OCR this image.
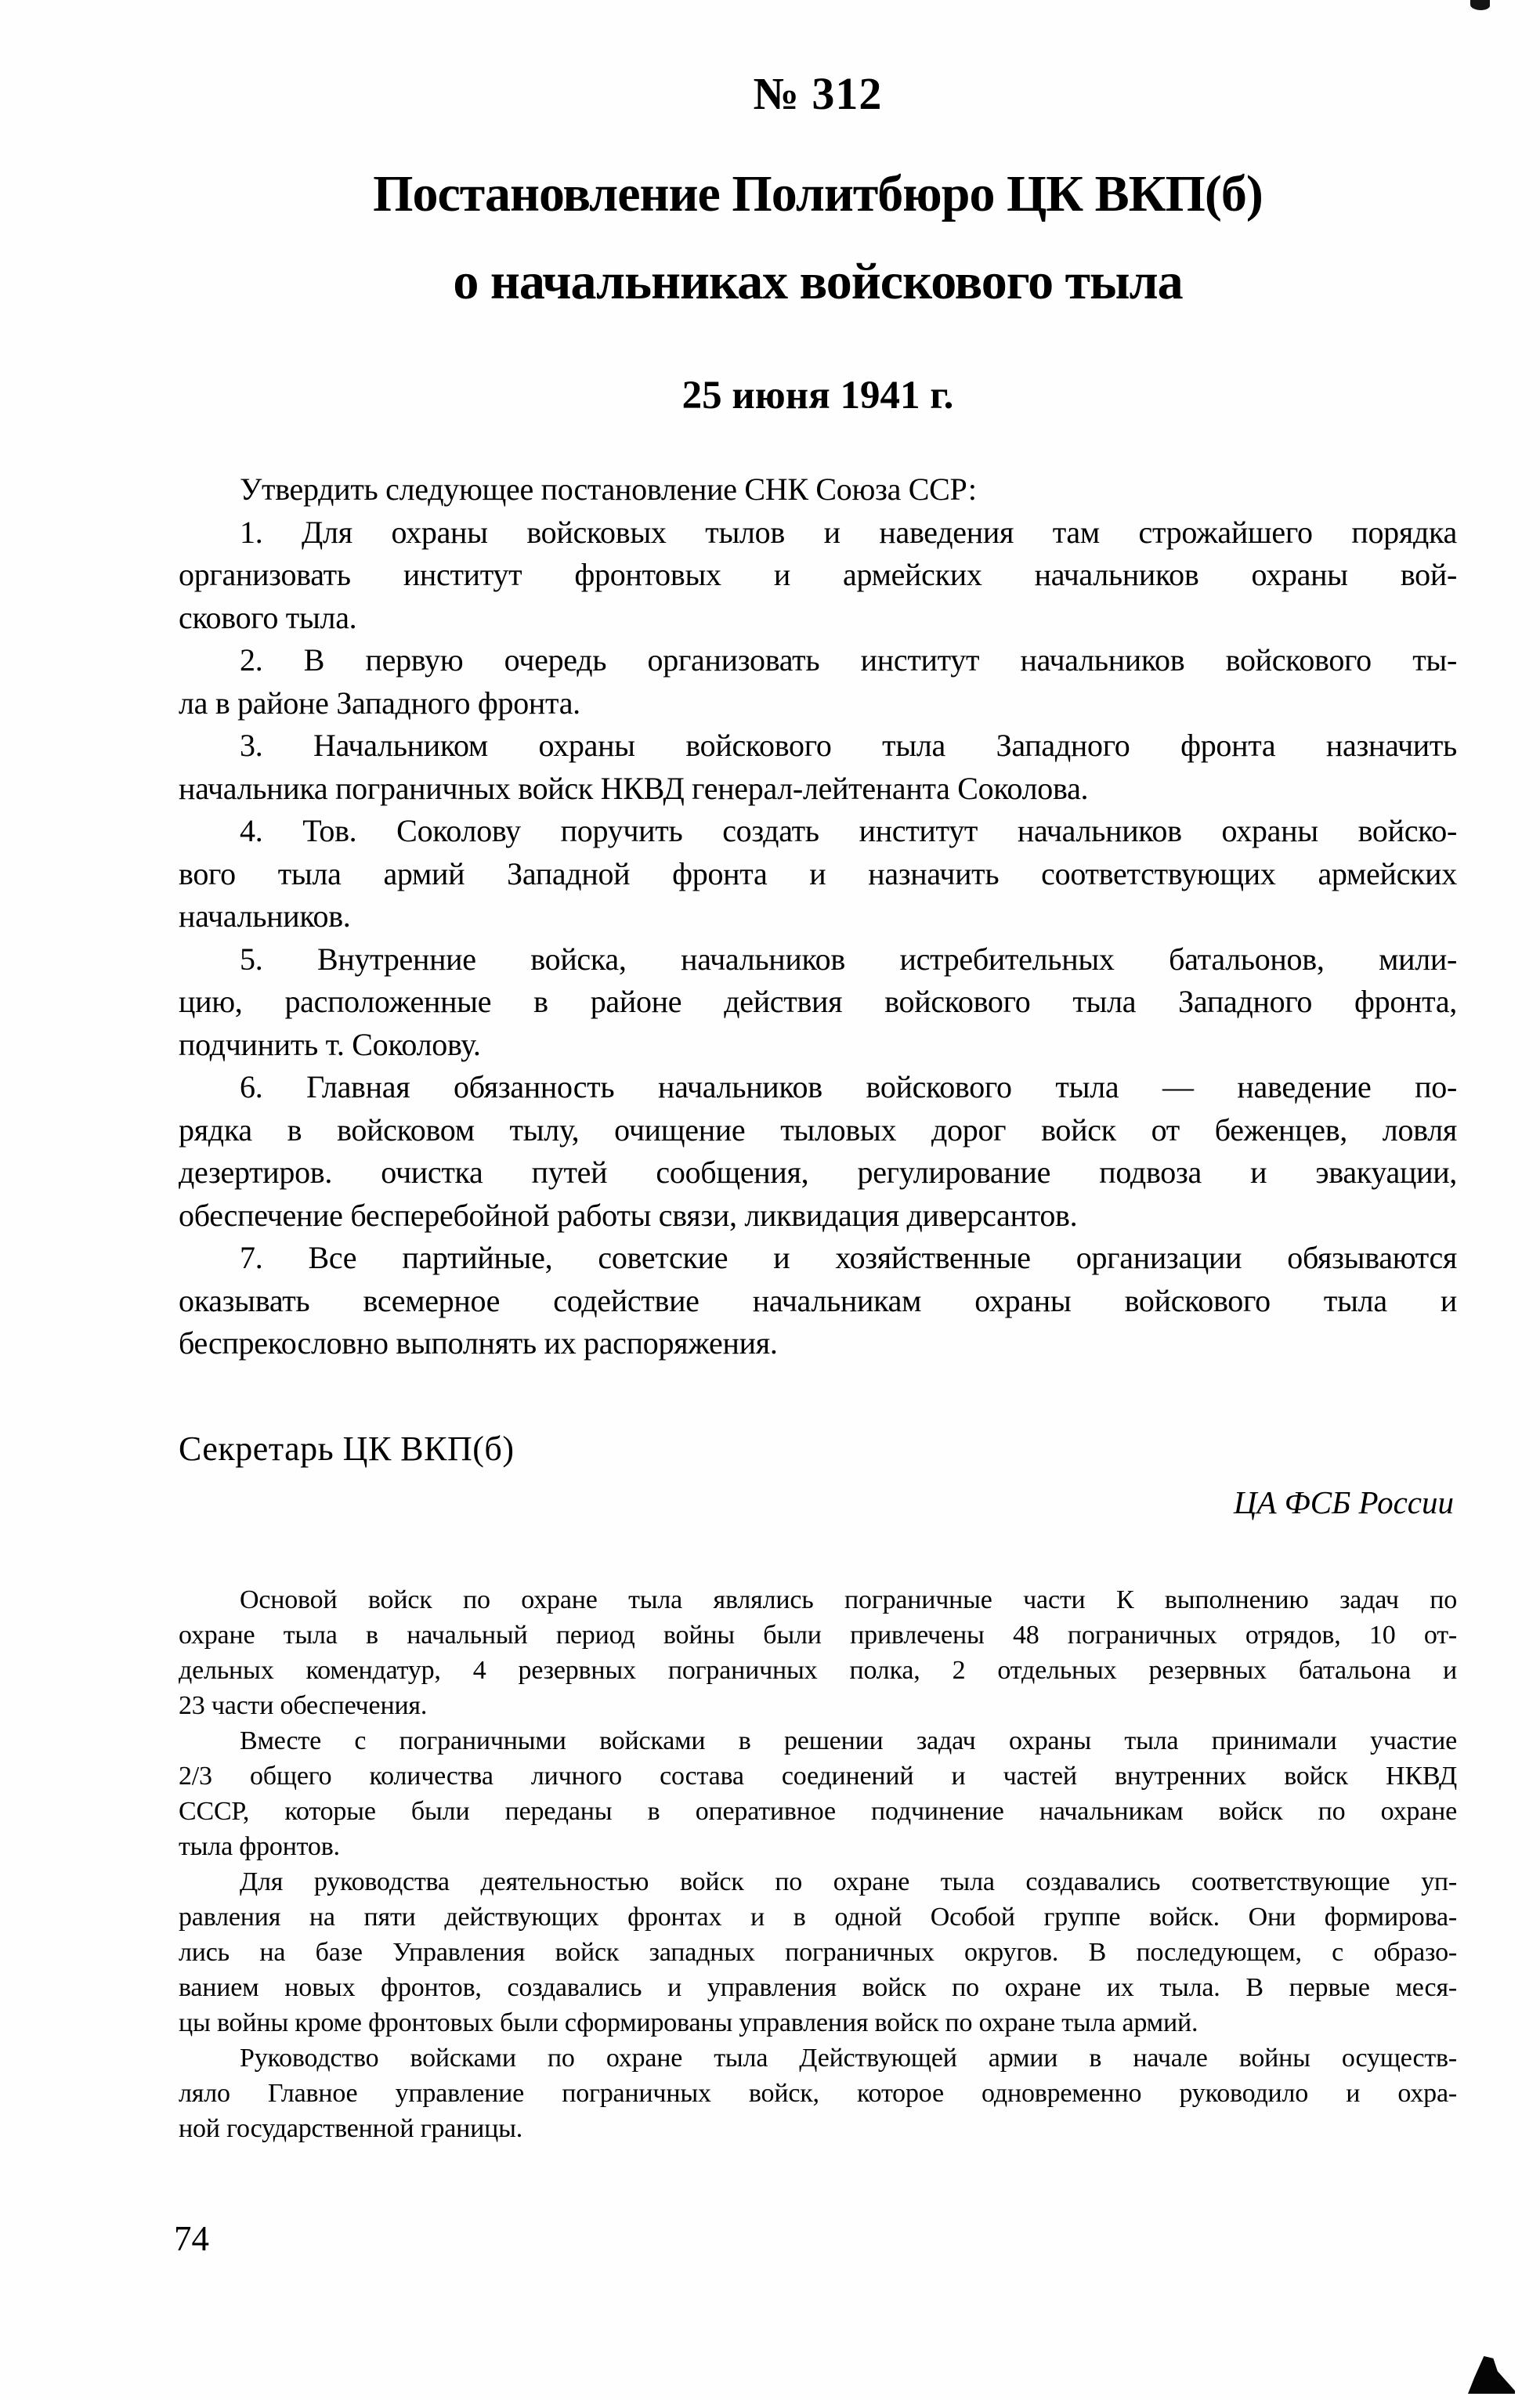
№ 312
Постановление Политбюро ЦК ВКП(б)
о начальниках войскового тыла
25 июня 1941 г.
Утвердить следующее постановление СНК Союза ССР:
1. Для охраны войсковых тылов и наведения там строжайшего порядка
организовать институт фронтовых и армейских начальников охраны вой-
скового тыла.
2. В первую очередь организовать институт начальников войскового ты-
ла в районе Западного фронта.
3. Начальником охраны войскового тыла Западного фронта назначить
начальника пограничных войск НКВД генерал-лейтенанта Соколова.
4. Тов. Соколову поручить создать институт начальников охраны войско-
вого тыла армий Западной фронта и назначить соответствующих армейских
начальников.
5. Внутренние войска, начальников истребительных батальонов, мили-
цию, расположенные в районе действия войскового тыла Западного фронта,
подчинить т. Соколову.
6. Главная обязанность начальников войскового тыла — наведение по-
рядка в войсковом тылу, очищение тыловых дорог войск от беженцев, ловля
дезертиров. очистка путей сообщения, регулирование подвоза и эвакуации,
обеспечение бесперебойной работы связи, ликвидация диверсантов.
7. Все партийные, советские и хозяйственные организации обязываются
оказывать всемерное содействие начальникам охраны войскового тыла и
беспрекословно выполнять их распоряжения.
Секретарь ЦК ВКП(б)
ЦА ФСБ России
Основой войск по охране тыла являлись пограничные части К выполнению задач по
охране тыла в начальный период войны были привлечены 48 пограничных отрядов, 10 от-
дельных комендатур, 4 резервных пограничных полка, 2 отдельных резервных батальона и
23 части обеспечения.
Вместе с пограничными войсками в решении задач охраны тыла принимали участие
2/3 общего количества личного состава соединений и частей внутренних войск НКВД
СССР, которые были переданы в оперативное подчинение начальникам войск по охране
тыла фронтов.
Для руководства деятельностью войск по охране тыла создавались соответствующие уп-
равления на пяти действующих фронтах и в одной Особой группе войск. Они формирова-
лись на базе Управления войск западных пограничных округов. В последующем, с образо-
ванием новых фронтов, создавались и управления войск по охране их тыла. В первые меся-
цы войны кроме фронтовых были сформированы управления войск по охране тыла армий.
Руководство войсками по охране тыла Действующей армии в начале войны осуществ-
ляло Главное управление пограничных войск, которое одновременно руководило и охра-
ной государственной границы.
74
